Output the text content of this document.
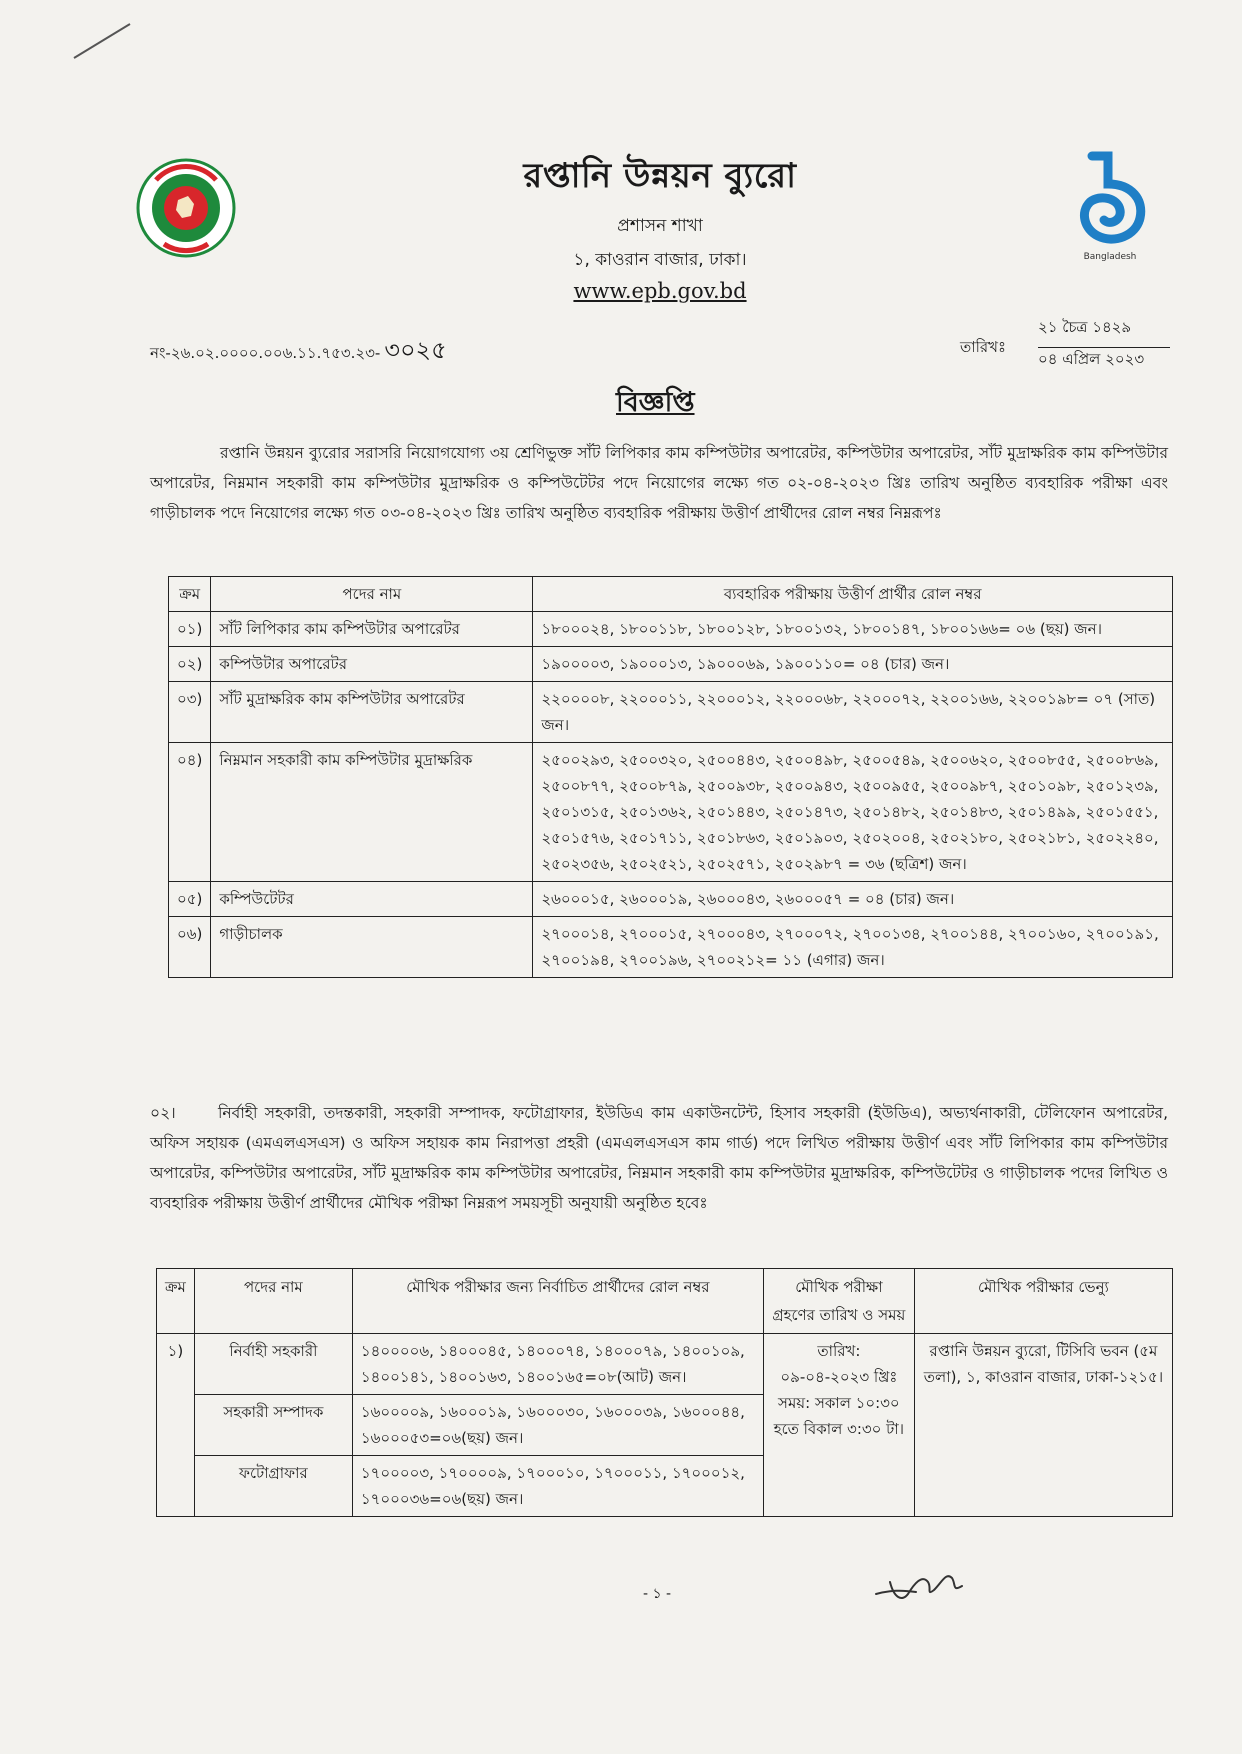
Bangladesh
রপ্তানি উন্নয়ন ব্যুরো
প্রশাসন শাখা
১, কাওরান বাজার, ঢাকা।
www.epb.gov.bd
নং-২৬.০২.০০০০.০০৬.১১.৭৫৩.২৩- ৩০২৫	তারিখঃ
২১ চৈত্র ১৪২৯
০৪ এপ্রিল ২০২৩
বিজ্ঞপ্তি
রপ্তানি উন্নয়ন ব্যুরোর সরাসরি নিয়োগযোগ্য ৩য় শ্রেণিভুক্ত সাঁট লিপিকার কাম কম্পিউটার অপারেটর, কম্পিউটার অপারেটর, সাঁট মুদ্রাক্ষরিক কাম কম্পিউটার অপারেটর, নিম্নমান সহকারী কাম কম্পিউটার মুদ্রাক্ষরিক ও কম্পিউটেটর পদে নিয়োগের লক্ষ্যে গত ০২-০৪-২০২৩ খ্রিঃ তারিখ অনুষ্ঠিত ব্যবহারিক পরীক্ষা এবং গাড়ীচালক পদে নিয়োগের লক্ষ্যে গত ০৩-০৪-২০২৩ খ্রিঃ তারিখ অনুষ্ঠিত ব্যবহারিক পরীক্ষায় উত্তীর্ণ প্রার্থীদের রোল নম্বর নিম্নরূপঃ
ক্রম	পদের নাম	ব্যবহারিক পরীক্ষায় উত্তীর্ণ প্রার্থীর রোল নম্বর
০১)	সাঁট লিপিকার কাম কম্পিউটার অপারেটর	১৮০০০২৪, ১৮০০১১৮, ১৮০০১২৮, ১৮০০১৩২, ১৮০০১৪৭, ১৮০০১৬৬= ০৬ (ছয়) জন।
০২)	কম্পিউটার অপারেটর	১৯০০০০৩, ১৯০০০১৩, ১৯০০০৬৯, ১৯০০১১০= ০৪ (চার) জন।
০৩)	সাঁট মুদ্রাক্ষরিক কাম কম্পিউটার অপারেটর	২২০০০০৮, ২২০০০১১, ২২০০০১২, ২২০০০৬৮, ২২০০০৭২, ২২০০১৬৬, ২২০০১৯৮= ০৭ (সাত) জন।
০৪)	নিম্নমান সহকারী কাম কম্পিউটার মুদ্রাক্ষরিক	২৫০০২৯৩, ২৫০০৩২০, ২৫০০৪৪৩, ২৫০০৪৯৮, ২৫০০৫৪৯, ২৫০০৬২০, ২৫০০৮৫৫, ২৫০০৮৬৯, ২৫০০৮৭৭, ২৫০০৮৭৯, ২৫০০৯৩৮, ২৫০০৯৪৩, ২৫০০৯৫৫, ২৫০০৯৮৭, ২৫০১০৯৮, ২৫০১২৩৯, ২৫০১৩১৫, ২৫০১৩৬২, ২৫০১৪৪৩, ২৫০১৪৭৩, ২৫০১৪৮২, ২৫০১৪৮৩, ২৫০১৪৯৯, ২৫০১৫৫১, ২৫০১৫৭৬, ২৫০১৭১১, ২৫০১৮৬৩, ২৫০১৯০৩, ২৫০২০০৪, ২৫০২১৮০, ২৫০২১৮১, ২৫০২২৪০, ২৫০২৩৫৬, ২৫০২৫২১, ২৫০২৫৭১, ২৫০২৯৮৭ = ৩৬ (ছত্রিশ) জন।
০৫)	কম্পিউটেটর	২৬০০০১৫, ২৬০০০১৯, ২৬০০০৪৩, ২৬০০০৫৭ = ০৪ (চার) জন।
০৬)	গাড়ীচালক	২৭০০০১৪, ২৭০০০১৫, ২৭০০০৪৩, ২৭০০০৭২, ২৭০০১৩৪, ২৭০০১৪৪, ২৭০০১৬০, ২৭০০১৯১, ২৭০০১৯৪, ২৭০০১৯৬, ২৭০০২১২= ১১ (এগার) জন।
০২।	নির্বাহী সহকারী, তদন্তকারী, সহকারী সম্পাদক, ফটোগ্রাফার, ইউডিএ কাম একাউনটেন্ট, হিসাব সহকারী (ইউডিএ), অভ্যর্থনাকারী, টেলিফোন অপারেটর, অফিস সহায়ক (এমএলএসএস) ও অফিস সহায়ক কাম নিরাপত্তা প্রহরী (এমএলএসএস কাম গার্ড) পদে লিখিত পরীক্ষায় উত্তীর্ণ এবং সাঁট লিপিকার কাম কম্পিউটার অপারেটর, কম্পিউটার অপারেটর, সাঁট মুদ্রাক্ষরিক কাম কম্পিউটার অপারেটর, নিম্নমান সহকারী কাম কম্পিউটার মুদ্রাক্ষরিক, কম্পিউটেটর ও গাড়ীচালক পদের লিখিত ও ব্যবহারিক পরীক্ষায় উত্তীর্ণ প্রার্থীদের মৌখিক পরীক্ষা নিম্নরূপ সময়সূচী অনুযায়ী অনুষ্ঠিত হবেঃ
ক্রম	পদের নাম	মৌখিক পরীক্ষার জন্য নির্বাচিত প্রার্থীদের রোল নম্বর	মৌখিক পরীক্ষা গ্রহণের তারিখ ও সময়	মৌখিক পরীক্ষার ভেন্যু
১)	নির্বাহী সহকারী	১৪০০০০৬, ১৪০০০৪৫, ১৪০০০৭৪, ১৪০০০৭৯, ১৪০০১০৯, ১৪০০১৪১, ১৪০০১৬৩, ১৪০০১৬৫=০৮(আট) জন।	তারিখ: ০৯-০৪-২০২৩ খ্রিঃ সময়: সকাল ১০:৩০ হতে বিকাল ৩:৩০ টা।	রপ্তানি উন্নয়ন ব্যুরো, টিসিবি ভবন (৫ম তলা), ১, কাওরান বাজার, ঢাকা-১২১৫।
	সহকারী সম্পাদক	১৬০০০০৯, ১৬০০০১৯, ১৬০০০৩০, ১৬০০০৩৯, ১৬০০০৪৪, ১৬০০০৫৩=০৬(ছয়) জন।		
	ফটোগ্রাফার	১৭০০০০৩, ১৭০০০০৯, ১৭০০০১০, ১৭০০০১১, ১৭০০০১২, ১৭০০০৩৬=০৬(ছয়) জন।		
- ১ -
